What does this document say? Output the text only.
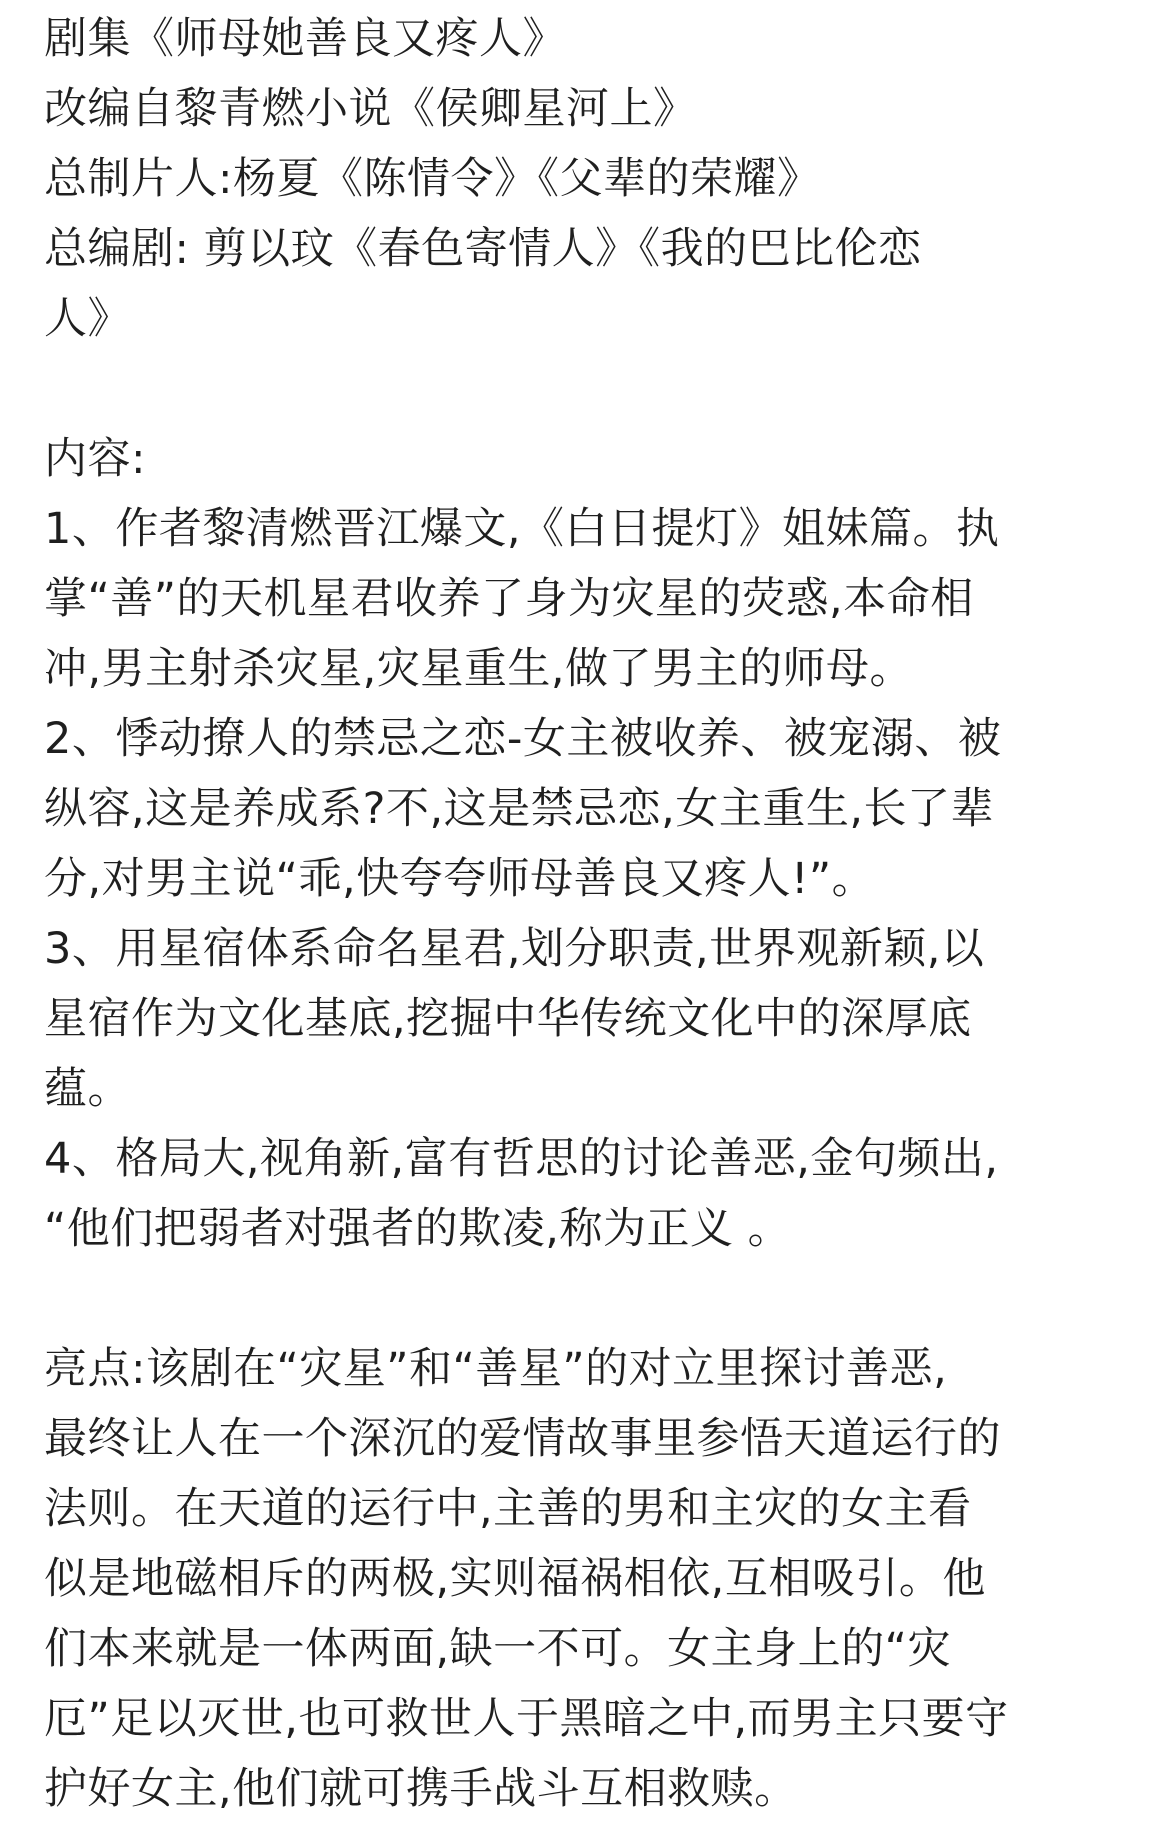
剧集《师母她善良又疼人》
改编自黎青燃小说《侯卿星河上》
总制片人:杨夏《陈情令》《父辈的荣耀》
总编剧: 剪以玟《春色寄情人》《我的巴比伦恋
人》
内容:
1、作者黎清燃晋江爆文,《白日提灯》姐妹篇。执
掌“善”的天机星君收养了身为灾星的荧惑,本命相
冲,男主射杀灾星,灾星重生,做了男主的师母。
2、悸动撩人的禁忌之恋-女主被收养、被宠溺、被
纵容,这是养成系?不,这是禁忌恋,女主重生,长了辈
分,对男主说“乖,快夸夸师母善良又疼人!”。
3、用星宿体系命名星君,划分职责,世界观新颖,以
星宿作为文化基底,挖掘中华传统文化中的深厚底
蕴。
4、格局大,视角新,富有哲思的讨论善恶,金句频出,
“他们把弱者对强者的欺凌,称为正义 。
亮点:该剧在“灾星”和“善星”的对立里探讨善恶,
最终让人在一个深沉的爱情故事里参悟天道运行的
法则。在天道的运行中,主善的男和主灾的女主看
似是地磁相斥的两极,实则福祸相依,互相吸引。他
们本来就是一体两面,缺一不可。女主身上的“灾
厄”足以灭世,也可救世人于黑暗之中,而男主只要守
护好女主,他们就可携手战斗互相救赎。
